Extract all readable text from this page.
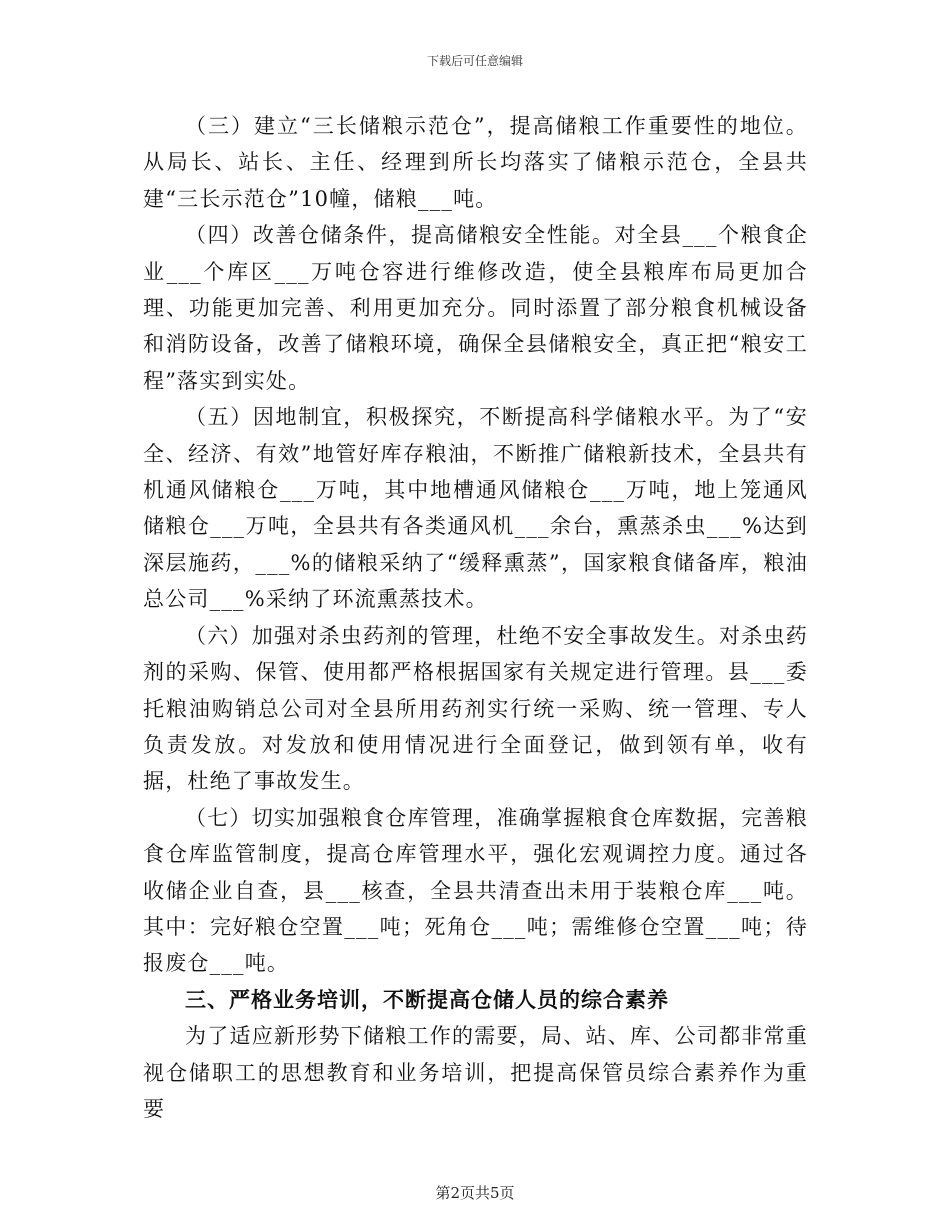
下载后可任意编辑

（三）建立“三长储粮示范仓”，提高储粮工作重要性的地位。从局长、站长、主任、经理到所长均落实了储粮示范仓，全县共建“三长示范仓”10幢，储粮___吨。

（四）改善仓储条件，提高储粮安全性能。对全县___个粮食企业___个库区___万吨仓容进行维修改造，使全县粮库布局更加合理、功能更加完善、利用更加充分。同时添置了部分粮食机械设备和消防设备，改善了储粮环境，确保全县储粮安全，真正把“粮安工程”落实到实处。

（五）因地制宜，积极探究，不断提高科学储粮水平。为了“安全、经济、有效”地管好库存粮油，不断推广储粮新技术，全县共有机通风储粮仓___万吨，其中地槽通风储粮仓___万吨，地上笼通风储粮仓___万吨，全县共有各类通风机___余台，熏蒸杀虫___%达到深层施药，___%的储粮采纳了“缓释熏蒸”，国家粮食储备库，粮油总公司___%采纳了环流熏蒸技术。

（六）加强对杀虫药剂的管理，杜绝不安全事故发生。对杀虫药剂的采购、保管、使用都严格根据国家有关规定进行管理。县___委托粮油购销总公司对全县所用药剂实行统一采购、统一管理、专人负责发放。对发放和使用情况进行全面登记，做到领有单，收有据，杜绝了事故发生。

（七）切实加强粮食仓库管理，准确掌握粮食仓库数据，完善粮食仓库监管制度，提高仓库管理水平，强化宏观调控力度。通过各收储企业自查，县___核查，全县共清查出未用于装粮仓库___吨。其中：完好粮仓空置___吨；死角仓___吨；需维修仓空置___吨；待报废仓___吨。

三、严格业务培训，不断提高仓储人员的综合素养

为了适应新形势下储粮工作的需要，局、站、库、公司都非常重视仓储职工的思想教育和业务培训，把提高保管员综合素养作为重要

第2页共5页
